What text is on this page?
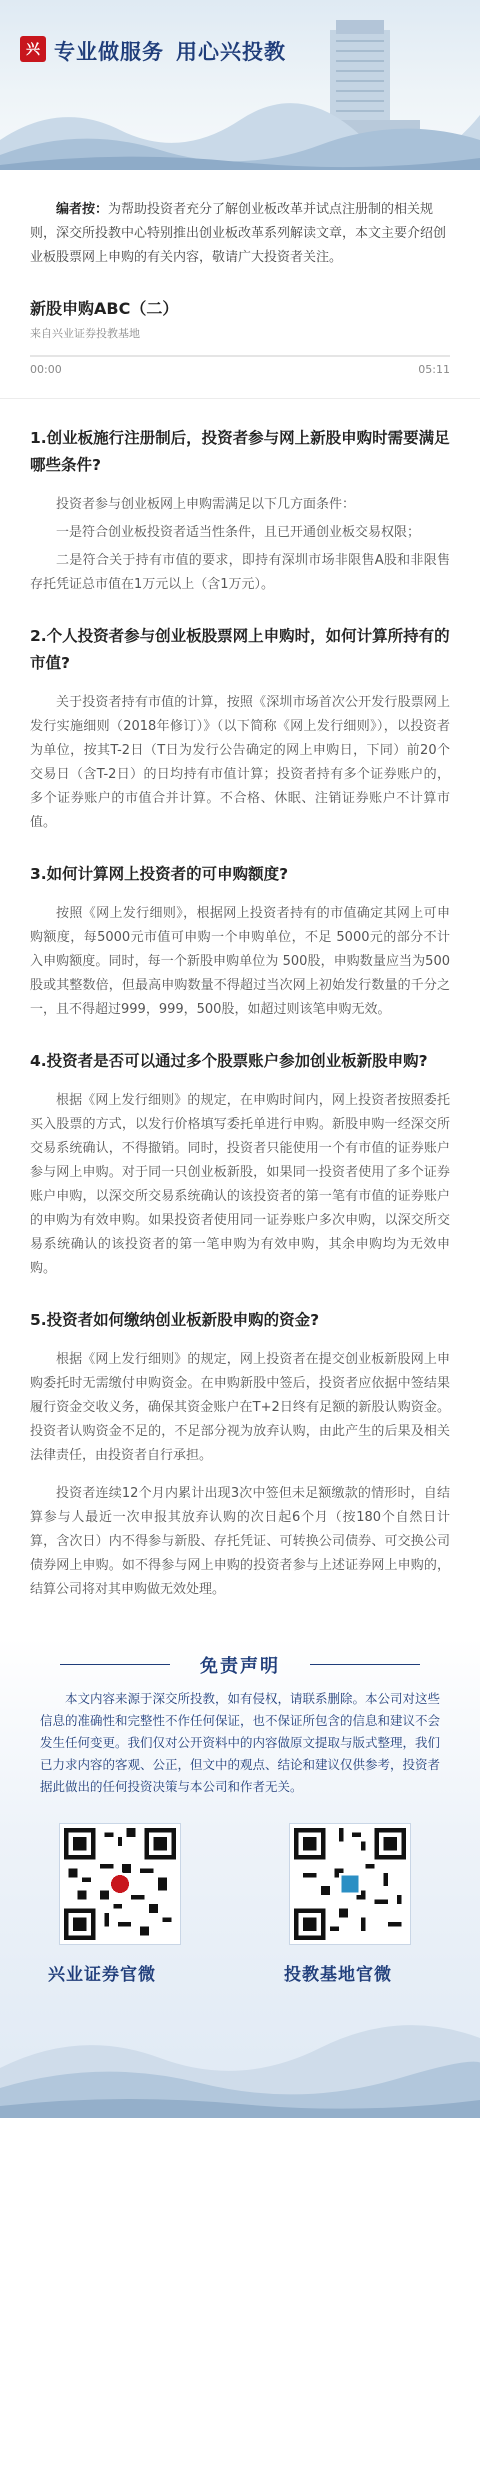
兴 专业做服务 用心兴投教

编者按：为帮助投资者充分了解创业板改革并试点注册制的相关规则，深交所投教中心特别推出创业板改革系列解读文章，本文主要介绍创业板股票网上申购的有关内容，敬请广大投资者关注。

新股申购ABC（二）
来自兴业证券投教基地
00:00	05:11
1.创业板施行注册制后，投资者参与网上新股申购时需要满足哪些条件?

投资者参与创业板网上申购需满足以下几方面条件：

一是符合创业板投资者适当性条件，且已开通创业板交易权限；

二是符合关于持有市值的要求，即持有深圳市场非限售A股和非限售存托凭证总市值在1万元以上（含1万元）。

2.个人投资者参与创业板股票网上申购时，如何计算所持有的市值?

关于投资者持有市值的计算，按照《深圳市场首次公开发行股票网上发行实施细则（2018年修订）》（以下简称《网上发行细则》），以投资者为单位，按其T-2日（T日为发行公告确定的网上申购日，下同）前20个交易日（含T-2日）的日均持有市值计算；投资者持有多个证券账户的，多个证券账户的市值合并计算。不合格、休眠、注销证券账户不计算市值。

3.如何计算网上投资者的可申购额度?

按照《网上发行细则》，根据网上投资者持有的市值确定其网上可申购额度，每5000元市值可申购一个申购单位，不足 5000元的部分不计入申购额度。同时，每一个新股申购单位为 500股，申购数量应当为500股或其整数倍，但最高申购数量不得超过当次网上初始发行数量的千分之一，且不得超过999，999，500股，如超过则该笔申购无效。

4.投资者是否可以通过多个股票账户参加创业板新股申购?

根据《网上发行细则》的规定，在申购时间内，网上投资者按照委托买入股票的方式，以发行价格填写委托单进行申购。新股申购一经深交所交易系统确认，不得撤销。同时，投资者只能使用一个有市值的证券账户参与网上申购。对于同一只创业板新股，如果同一投资者使用了多个证券账户申购，以深交所交易系统确认的该投资者的第一笔有市值的证券账户的申购为有效申购。如果投资者使用同一证券账户多次申购，以深交所交易系统确认的该投资者的第一笔申购为有效申购，其余申购均为无效申购。

5.投资者如何缴纳创业板新股申购的资金?

根据《网上发行细则》的规定，网上投资者在提交创业板新股网上申购委托时无需缴付申购资金。在申购新股中签后，投资者应依据中签结果履行资金交收义务，确保其资金账户在T+2日终有足额的新股认购资金。投资者认购资金不足的，不足部分视为放弃认购，由此产生的后果及相关法律责任，由投资者自行承担。

投资者连续12个月内累计出现3次中签但未足额缴款的情形时，自结算参与人最近一次申报其放弃认购的次日起6个月（按180个自然日计算，含次日）内不得参与新股、存托凭证、可转换公司债券、可交换公司债券网上申购。如不得参与网上申购的投资者参与上述证券网上申购的，结算公司将对其申购做无效处理。

免责声明

本文内容来源于深交所投教，如有侵权，请联系删除。本公司对这些信息的准确性和完整性不作任何保证，也不保证所包含的信息和建议不会发生任何变更。我们仅对公开资料中的内容做原文提取与版式整理，我们已力求内容的客观、公正，但文中的观点、结论和建议仅供参考，投资者据此做出的任何投资决策与本公司和作者无关。

兴业证券官微	投教基地官微
